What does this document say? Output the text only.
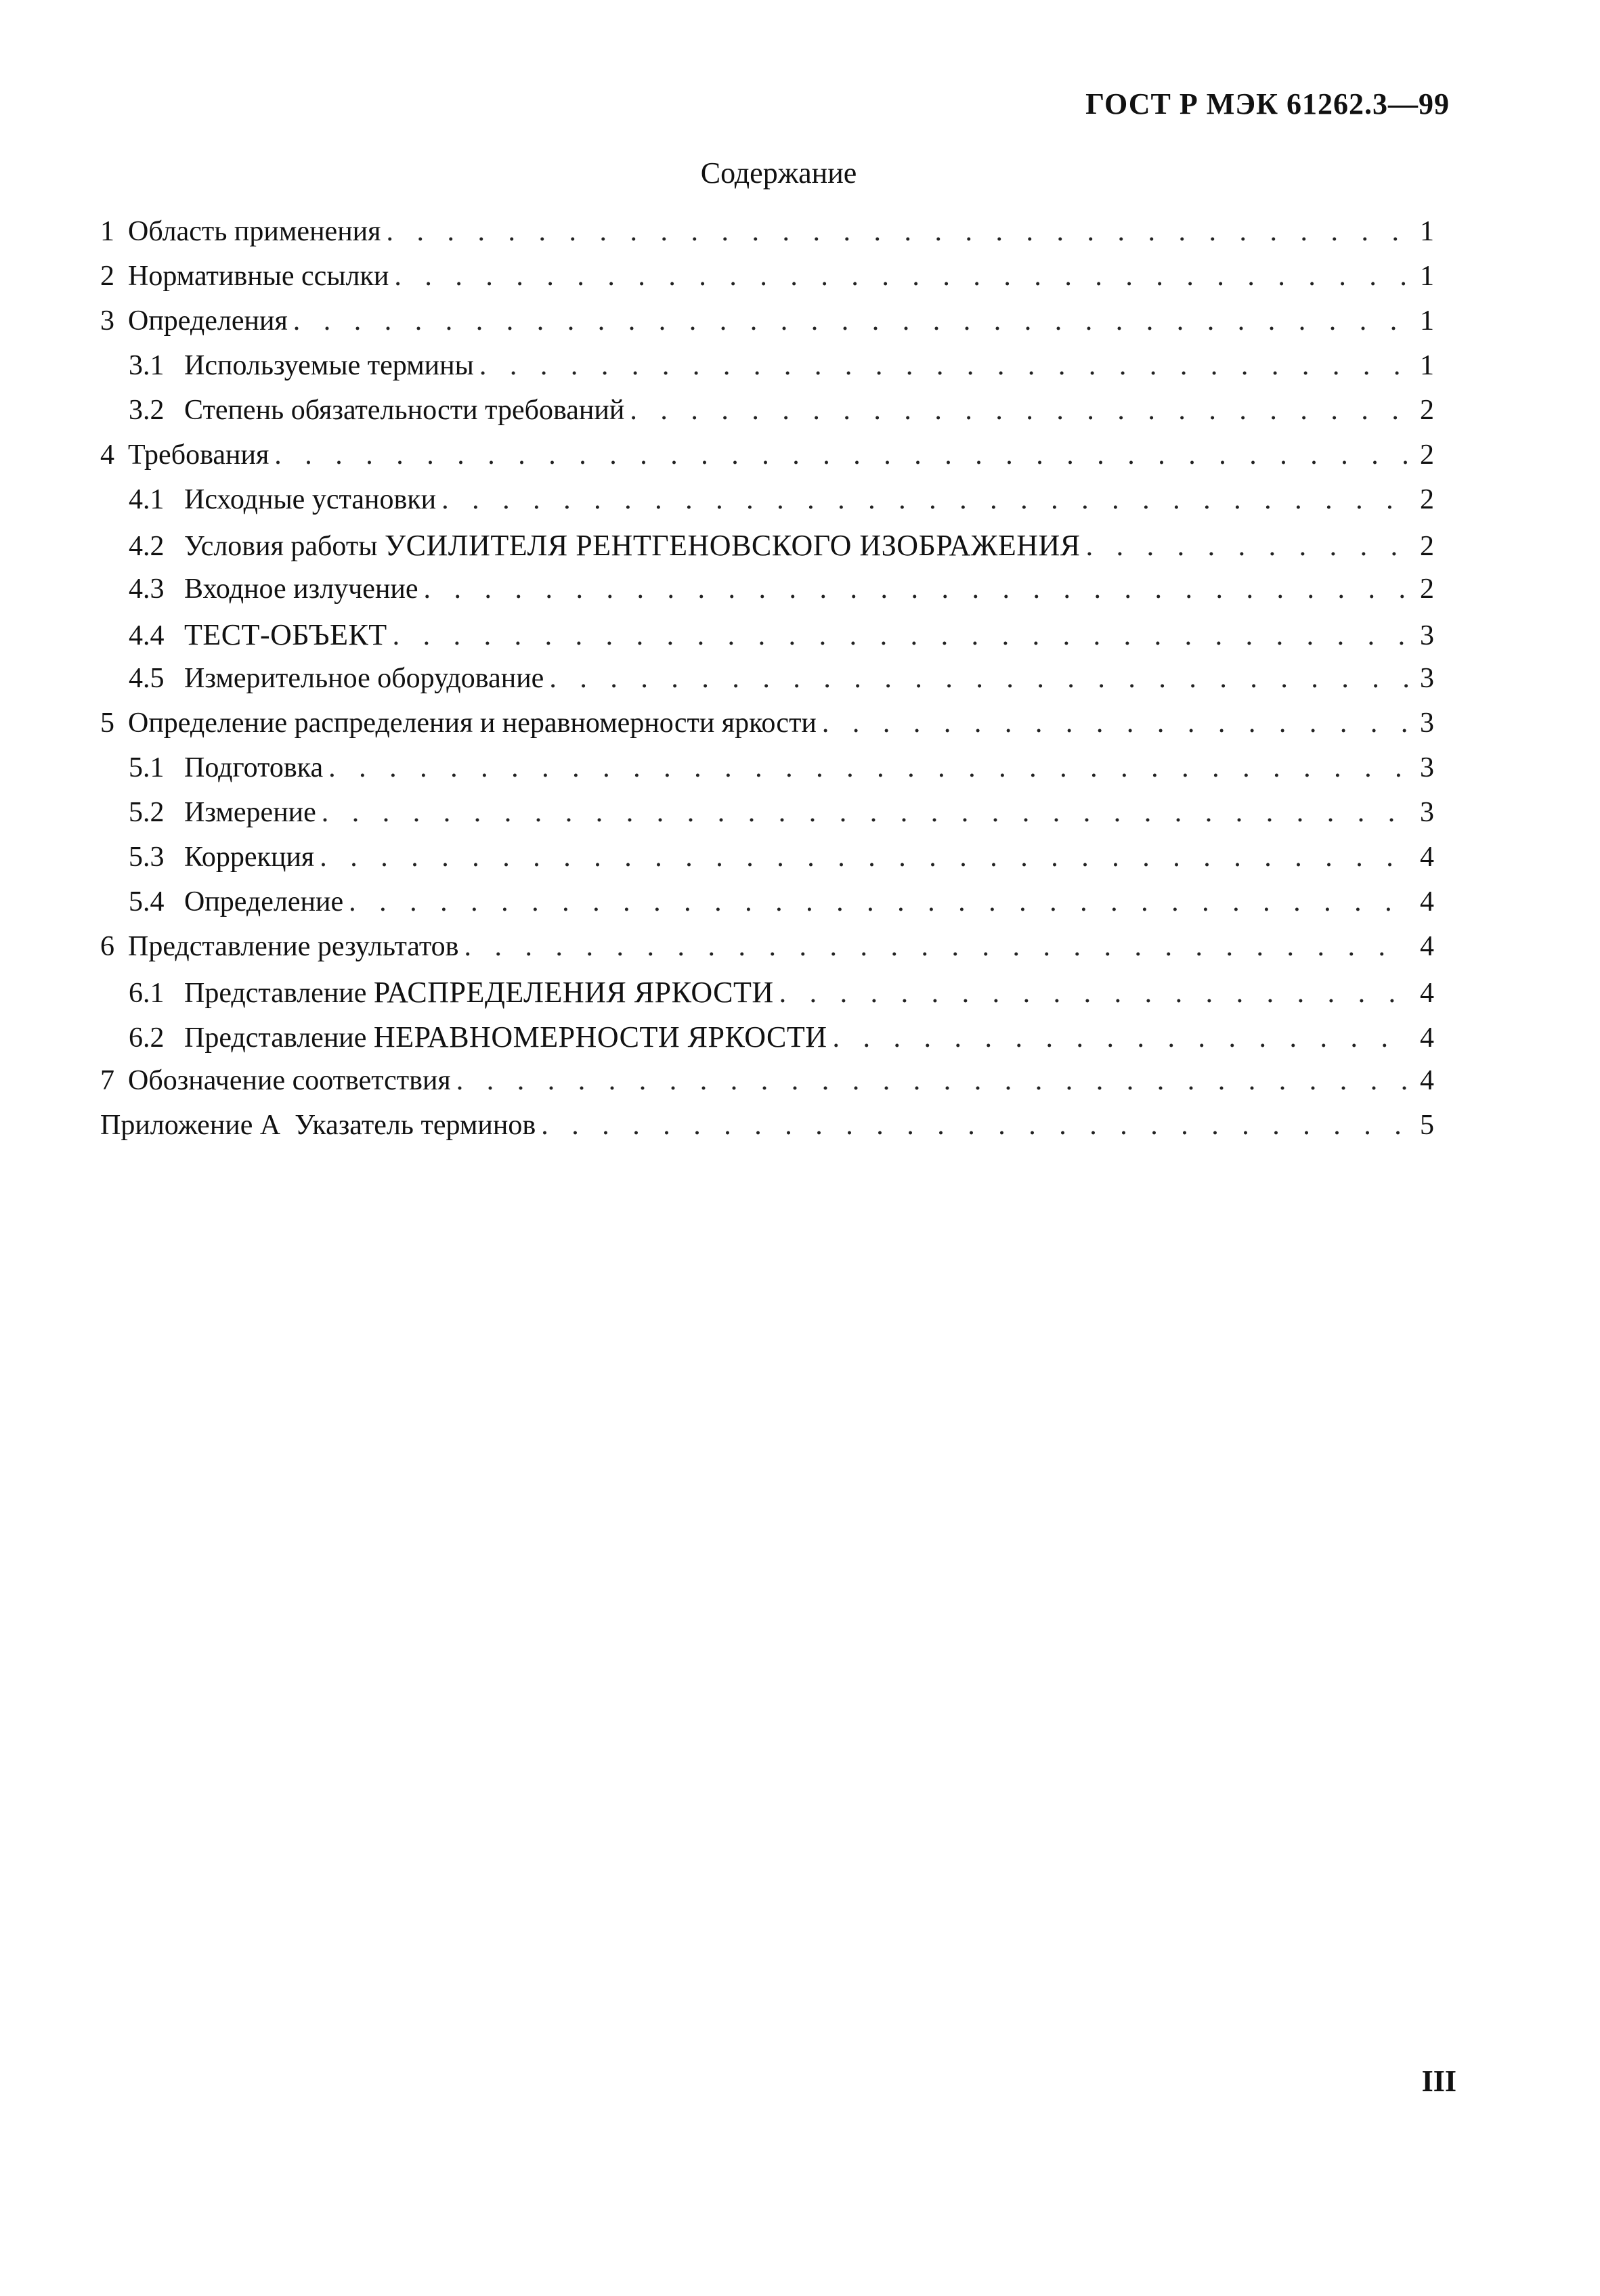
ГОСТ Р МЭК 61262.3—99
Содержание
1 Область применения . . .	1
2 Нормативные ссылки . . .	1
3 Определения . . .	1
3.1 Используемые термины . . .	1
3.2 Степень обязательности требований . . .	2
4 Требования . . .	2
4.1 Исходные установки . . .	2
4.2 Условия работы УСИЛИТЕЛЯ РЕНТГЕНОВСКОГО ИЗОБРАЖЕНИЯ . . .	2
4.3 Входное излучение . . .	2
4.4 ТЕСТ-ОБЪЕКТ . . .	3
4.5 Измерительное оборудование . . .	3
5 Определение распределения и неравномерности яркости . . .	3
5.1 Подготовка . . .	3
5.2 Измерение . . .	3
5.3 Коррекция . . .	4
5.4 Определение . . .	4
6 Представление результатов . . .	4
6.1 Представление РАСПРЕДЕЛЕНИЯ ЯРКОСТИ . . .	4
6.2 Представление НЕРАВНОМЕРНОСТИ ЯРКОСТИ . . .	4
7 Обозначение соответствия . . .	4
Приложение А  Указатель терминов . . .	5
III
